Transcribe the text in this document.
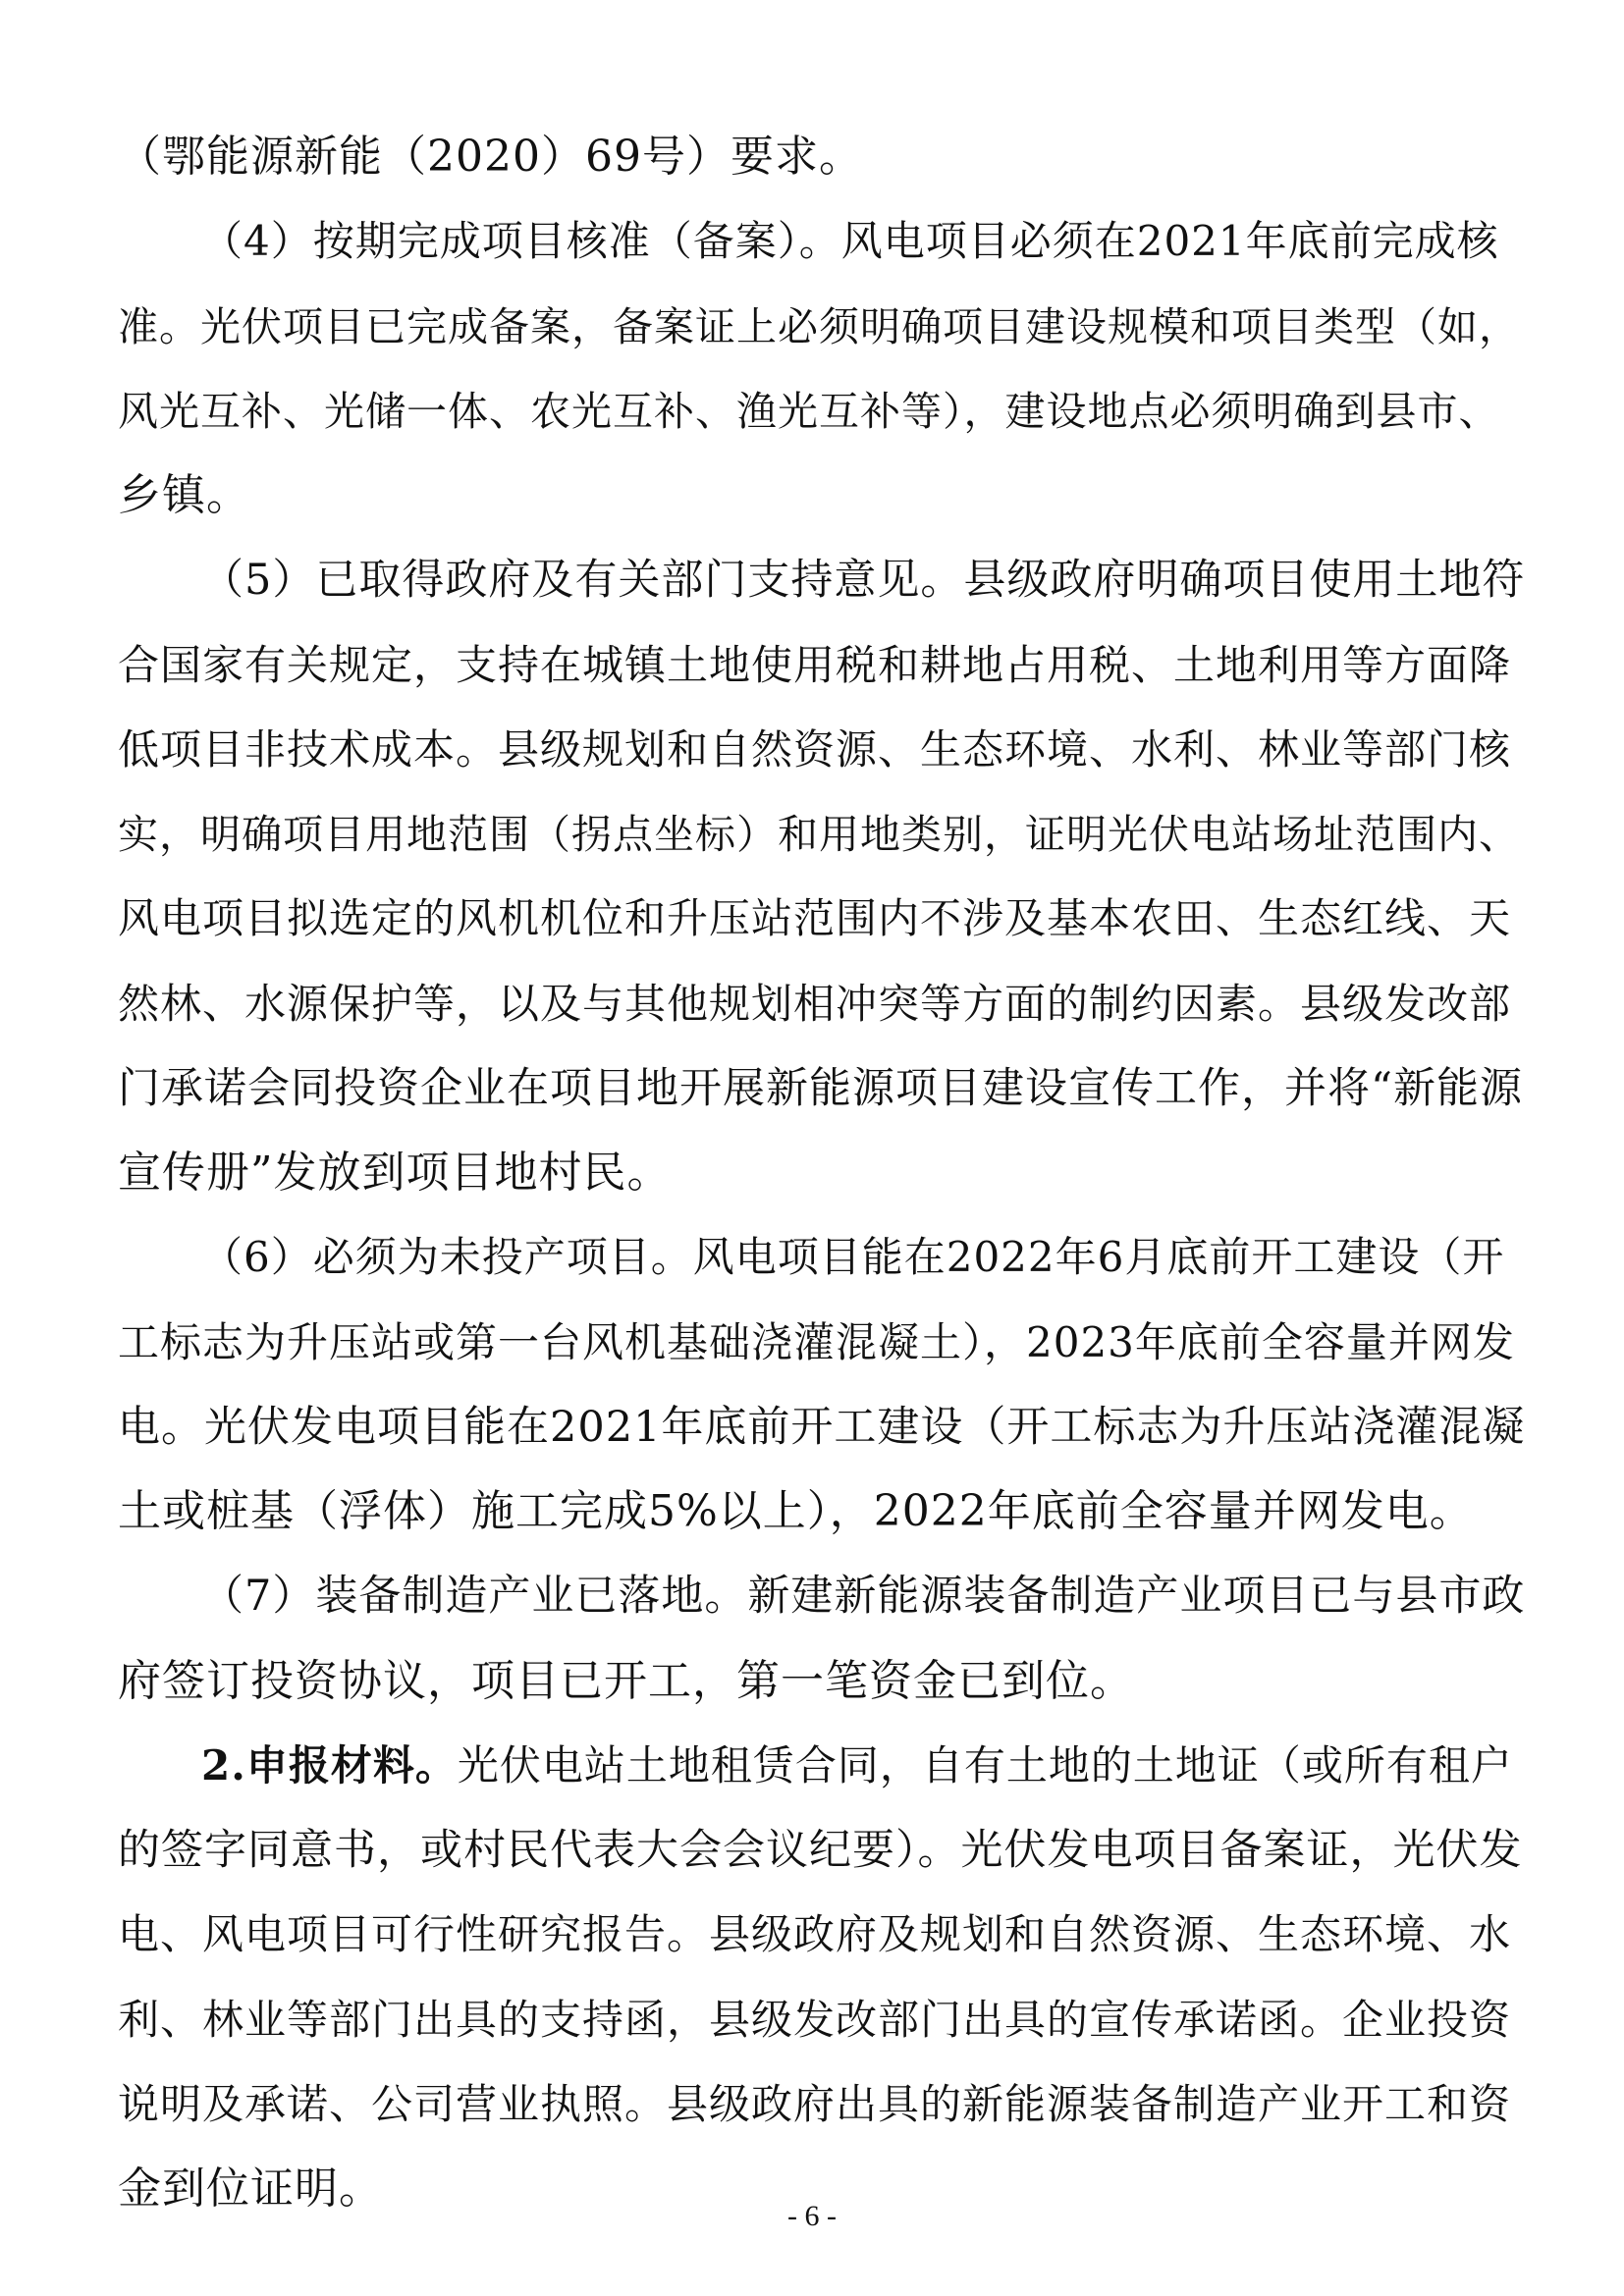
（鄂能源新能（2020）69号）要求。
（4）按期完成项目核准（备案）。风电项目必须在2021年底前完成核
准。光伏项目已完成备案，备案证上必须明确项目建设规模和项目类型（如，
风光互补、光储一体、农光互补、渔光互补等），建设地点必须明确到县市、
乡镇。
（5）已取得政府及有关部门支持意见。县级政府明确项目使用土地符
合国家有关规定，支持在城镇土地使用税和耕地占用税、土地利用等方面降
低项目非技术成本。县级规划和自然资源、生态环境、水利、林业等部门核
实，明确项目用地范围（拐点坐标）和用地类别，证明光伏电站场址范围内、
风电项目拟选定的风机机位和升压站范围内不涉及基本农田、生态红线、天
然林、水源保护等，以及与其他规划相冲突等方面的制约因素。县级发改部
门承诺会同投资企业在项目地开展新能源项目建设宣传工作，并将“新能源
宣传册”发放到项目地村民。
（6）必须为未投产项目。风电项目能在2022年6月底前开工建设（开
工标志为升压站或第一台风机基础浇灌混凝土），2023年底前全容量并网发
电。光伏发电项目能在2021年底前开工建设（开工标志为升压站浇灌混凝
土或桩基（浮体）施工完成5%以上），2022年底前全容量并网发电。
（7）装备制造产业已落地。新建新能源装备制造产业项目已与县市政
府签订投资协议，项目已开工，第一笔资金已到位。
2.申报材料。光伏电站土地租赁合同，自有土地的土地证（或所有租户
的签字同意书，或村民代表大会会议纪要）。光伏发电项目备案证，光伏发
电、风电项目可行性研究报告。县级政府及规划和自然资源、生态环境、水
利、林业等部门出具的支持函，县级发改部门出具的宣传承诺函。企业投资
- 6 -
说明及承诺、公司营业执照。县级政府出具的新能源装备制造产业开工和资
金到位证明。
